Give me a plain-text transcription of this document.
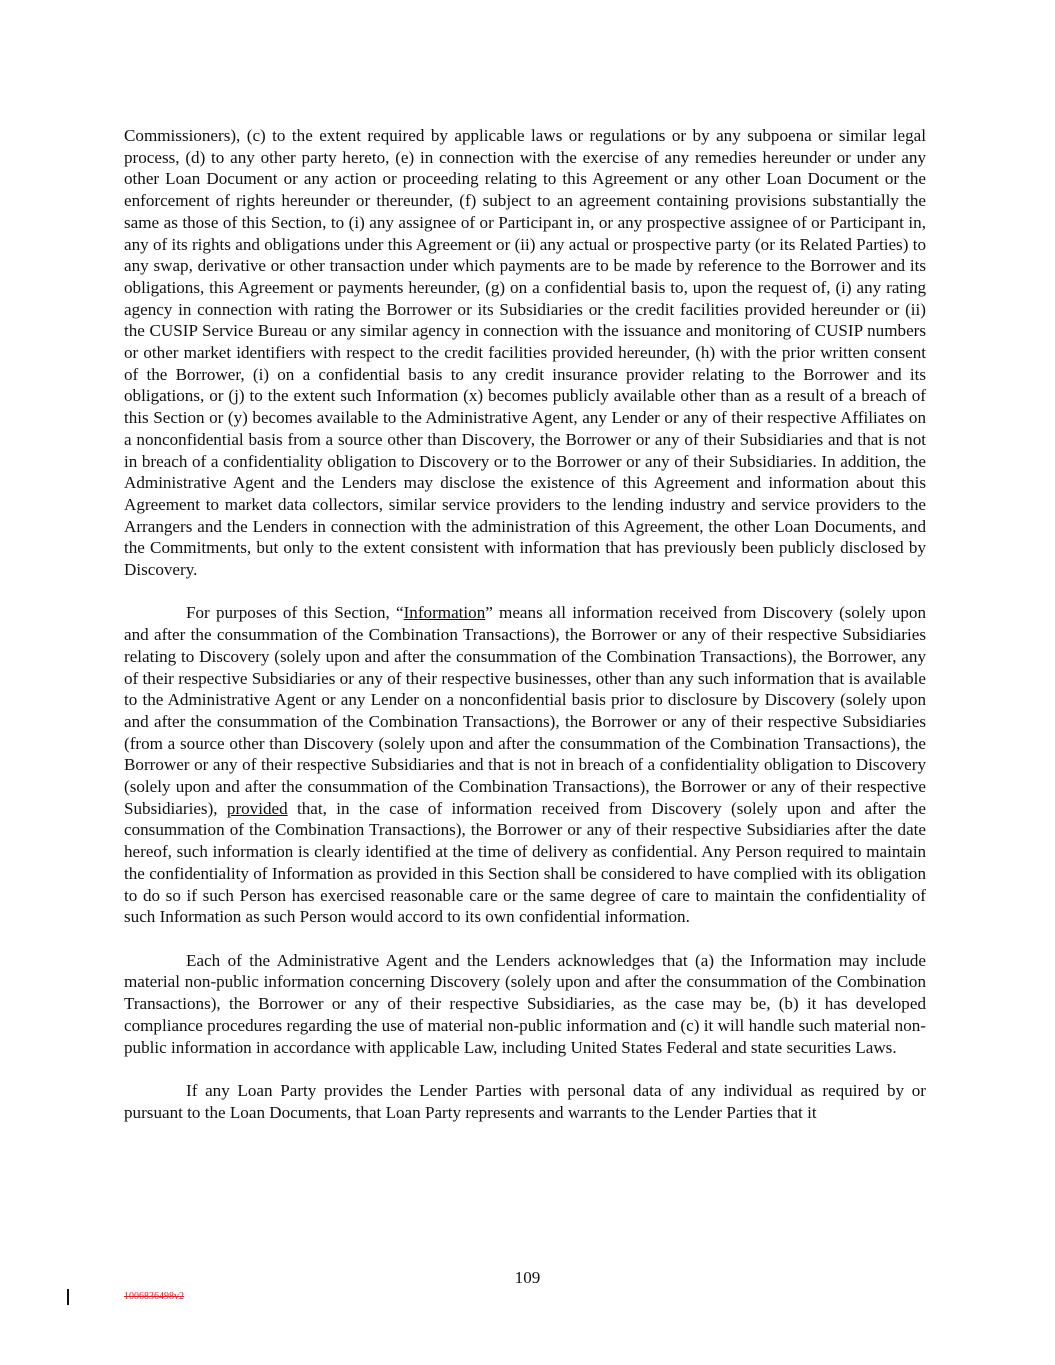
Commissioners), (c) to the extent required by applicable laws or regulations or by any subpoena or similar legal process, (d) to any other party hereto, (e) in connection with the exercise of any remedies hereunder or under any other Loan Document or any action or proceeding relating to this Agreement or any other Loan Document or the enforcement of rights hereunder or thereunder, (f) subject to an agreement containing provisions substantially the same as those of this Section, to (i) any assignee of or Participant in, or any prospective assignee of or Participant in, any of its rights and obligations under this Agreement or (ii) any actual or prospective party (or its Related Parties) to any swap, derivative or other transaction under which payments are to be made by reference to the Borrower and its obligations, this Agreement or payments hereunder, (g) on a confidential basis to, upon the request of, (i) any rating agency in connection with rating the Borrower or its Subsidiaries or the credit facilities provided hereunder or (ii) the CUSIP Service Bureau or any similar agency in connection with the issuance and monitoring of CUSIP numbers or other market identifiers with respect to the credit facilities provided hereunder, (h) with the prior written consent of the Borrower, (i) on a confidential basis to any credit insurance provider relating to the Borrower and its obligations, or (j) to the extent such Information (x) becomes publicly available other than as a result of a breach of this Section or (y) becomes available to the Administrative Agent, any Lender or any of their respective Affiliates on a nonconfidential basis from a source other than Discovery, the Borrower or any of their Subsidiaries and that is not in breach of a confidentiality obligation to Discovery or to the Borrower or any of their Subsidiaries. In addition, the Administrative Agent and the Lenders may disclose the existence of this Agreement and information about this Agreement to market data collectors, similar service providers to the lending industry and service providers to the Arrangers and the Lenders in connection with the administration of this Agreement, the other Loan Documents, and the Commitments, but only to the extent consistent with information that has previously been publicly disclosed by Discovery.

For purposes of this Section, “Information” means all information received from Discovery (solely upon and after the consummation of the Combination Transactions), the Borrower or any of their respective Subsidiaries relating to Discovery (solely upon and after the consummation of the Combination Transactions), the Borrower, any of their respective Subsidiaries or any of their respective businesses, other than any such information that is available to the Administrative Agent or any Lender on a nonconfidential basis prior to disclosure by Discovery (solely upon and after the consummation of the Combination Transactions), the Borrower or any of their respective Subsidiaries (from a source other than Discovery (solely upon and after the consummation of the Combination Transactions), the Borrower or any of their respective Subsidiaries and that is not in breach of a confidentiality obligation to Discovery (solely upon and after the consummation of the Combination Transactions), the Borrower or any of their respective Subsidiaries), provided that, in the case of information received from Discovery (solely upon and after the consummation of the Combination Transactions), the Borrower or any of their respective Subsidiaries after the date hereof, such information is clearly identified at the time of delivery as confidential. Any Person required to maintain the confidentiality of Information as provided in this Section shall be considered to have complied with its obligation to do so if such Person has exercised reasonable care or the same degree of care to maintain the confidentiality of such Information as such Person would accord to its own confidential information.

Each of the Administrative Agent and the Lenders acknowledges that (a) the Information may include material non-public information concerning Discovery (solely upon and after the consummation of the Combination Transactions), the Borrower or any of their respective Subsidiaries, as the case may be, (b) it has developed compliance procedures regarding the use of material non-public information and (c) it will handle such material non-public information in accordance with applicable Law, including United States Federal and state securities Laws.

If any Loan Party provides the Lender Parties with personal data of any individual as required by or pursuant to the Loan Documents, that Loan Party represents and warrants to the Lender Parties that it

109
1006836498v2
